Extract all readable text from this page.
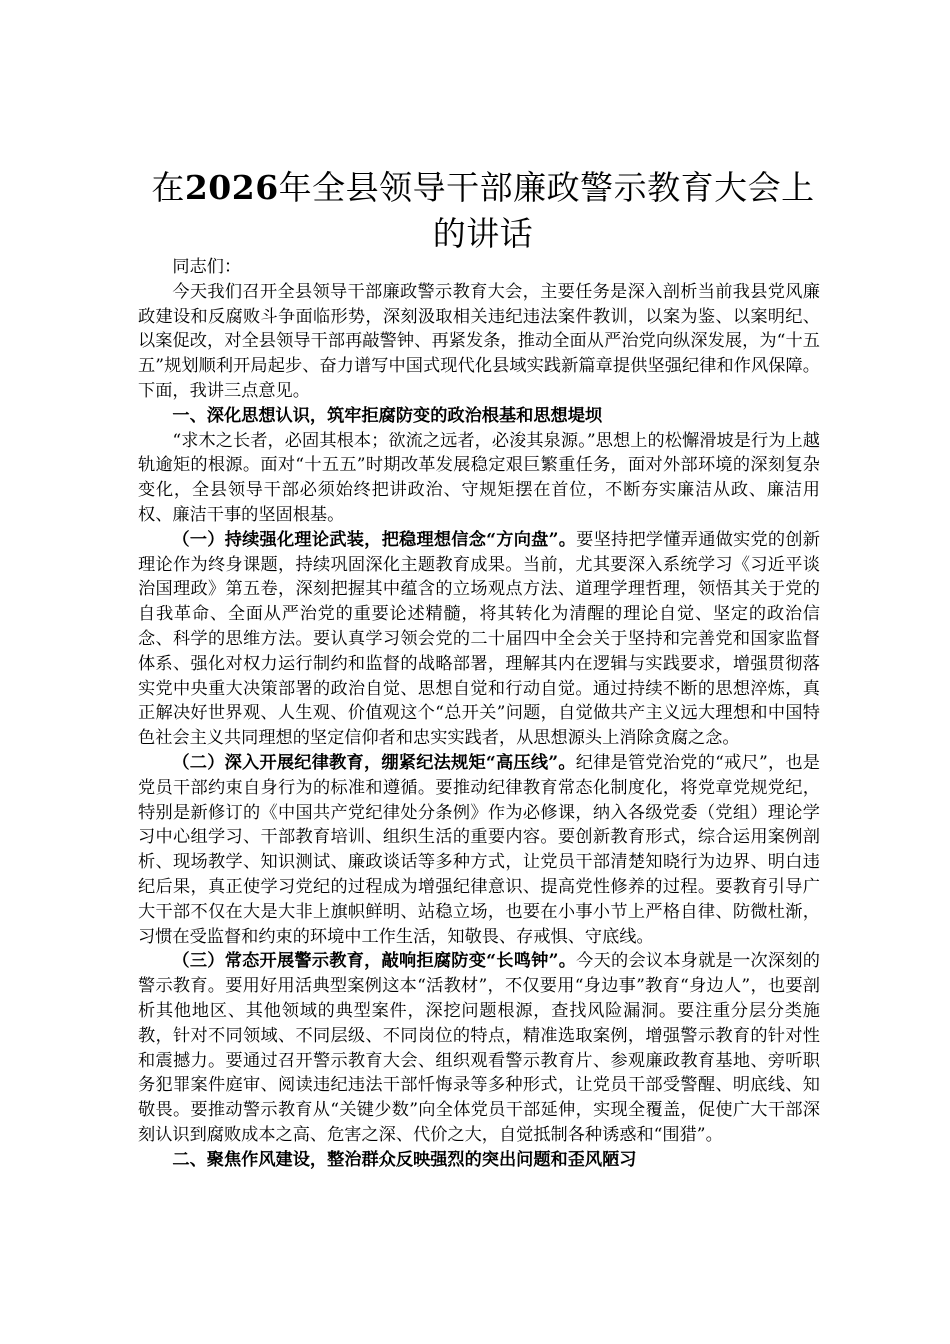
在2026年全县领导干部廉政警示教育大会上的讲话

同志们：

今天我们召开全县领导干部廉政警示教育大会，主要任务是深入剖析当前我县党风廉政建设和反腐败斗争面临形势，深刻汲取相关违纪违法案件教训，以案为鉴、以案明纪、以案促改，对全县领导干部再敲警钟、再紧发条，推动全面从严治党向纵深发展，为“十五五”规划顺利开局起步、奋力谱写中国式现代化县域实践新篇章提供坚强纪律和作风保障。下面，我讲三点意见。

一、深化思想认识，筑牢拒腐防变的政治根基和思想堤坝

“求木之长者，必固其根本；欲流之远者，必浚其泉源。”思想上的松懈滑坡是行为上越轨逾矩的根源。面对“十五五”时期改革发展稳定艰巨繁重任务，面对外部环境的深刻复杂变化，全县领导干部必须始终把讲政治、守规矩摆在首位，不断夯实廉洁从政、廉洁用权、廉洁干事的坚固根基。

（一）持续强化理论武装，把稳理想信念“方向盘”。要坚持把学懂弄通做实党的创新理论作为终身课题，持续巩固深化主题教育成果。当前，尤其要深入系统学习《习近平谈治国理政》第五卷，深刻把握其中蕴含的立场观点方法、道理学理哲理，领悟其关于党的自我革命、全面从严治党的重要论述精髓，将其转化为清醒的理论自觉、坚定的政治信念、科学的思维方法。要认真学习领会党的二十届四中全会关于坚持和完善党和国家监督体系、强化对权力运行制约和监督的战略部署，理解其内在逻辑与实践要求，增强贯彻落实党中央重大决策部署的政治自觉、思想自觉和行动自觉。通过持续不断的思想淬炼，真正解决好世界观、人生观、价值观这个“总开关”问题，自觉做共产主义远大理想和中国特色社会主义共同理想的坚定信仰者和忠实实践者，从思想源头上消除贪腐之念。

（二）深入开展纪律教育，绷紧纪法规矩“高压线”。纪律是管党治党的“戒尺”，也是党员干部约束自身行为的标准和遵循。要推动纪律教育常态化制度化，将党章党规党纪，特别是新修订的《中国共产党纪律处分条例》作为必修课，纳入各级党委（党组）理论学习中心组学习、干部教育培训、组织生活的重要内容。要创新教育形式，综合运用案例剖析、现场教学、知识测试、廉政谈话等多种方式，让党员干部清楚知晓行为边界、明白违纪后果，真正使学习党纪的过程成为增强纪律意识、提高党性修养的过程。要教育引导广大干部不仅在大是大非上旗帜鲜明、站稳立场，也要在小事小节上严格自律、防微杜渐，习惯在受监督和约束的环境中工作生活，知敬畏、存戒惧、守底线。

（三）常态开展警示教育，敲响拒腐防变“长鸣钟”。今天的会议本身就是一次深刻的警示教育。要用好用活典型案例这本“活教材”，不仅要用“身边事”教育“身边人”，也要剖析其他地区、其他领域的典型案件，深挖问题根源，查找风险漏洞。要注重分层分类施教，针对不同领域、不同层级、不同岗位的特点，精准选取案例，增强警示教育的针对性和震撼力。要通过召开警示教育大会、组织观看警示教育片、参观廉政教育基地、旁听职务犯罪案件庭审、阅读违纪违法干部忏悔录等多种形式，让党员干部受警醒、明底线、知敬畏。要推动警示教育从“关键少数”向全体党员干部延伸，实现全覆盖，促使广大干部深刻认识到腐败成本之高、危害之深、代价之大，自觉抵制各种诱惑和“围猎”。

二、聚焦作风建设，整治群众反映强烈的突出问题和歪风陋习
